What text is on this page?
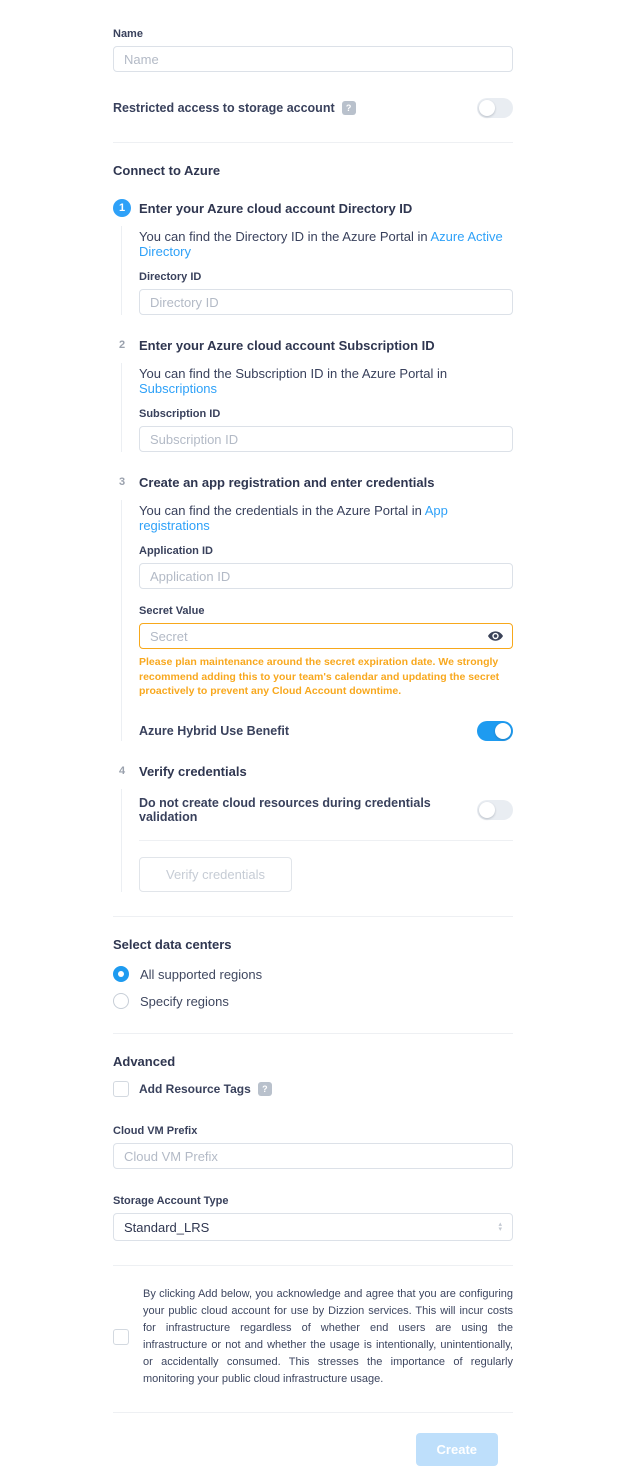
Name
Name
Restricted access to storage account	?
Connect to Azure
1	Enter your Azure cloud account Directory ID
You can find the Directory ID in the Azure Portal in Azure Active Directory
Directory ID
Directory ID
2	Enter your Azure cloud account Subscription ID
You can find the Subscription ID in the Azure Portal in Subscriptions
Subscription ID
Subscription ID
3	Create an app registration and enter credentials
You can find the credentials in the Azure Portal in App registrations
Application ID
Application ID
Secret Value
Secret
Please plan maintenance around the secret expiration date. We strongly recommend adding this to your team's calendar and updating the secret proactively to prevent any Cloud Account downtime.
Azure Hybrid Use Benefit
4	Verify credentials
Do not create cloud resources during credentials validation
Verify credentials
Select data centers
All supported regions
Specify regions
Advanced
Add Resource Tags	?
Cloud VM Prefix
Cloud VM Prefix
Storage Account Type
Standard_LRS	▴
▾

By clicking Add below, you acknowledge and agree that you are configuring your public cloud account for use by Dizzion services. This will incur costs for infrastructure regardless of whether end users are using the infrastructure or not and whether the usage is intentionally, unintentionally, or accidentally consumed. This stresses the importance of regularly monitoring your public cloud infrastructure usage.

Create
